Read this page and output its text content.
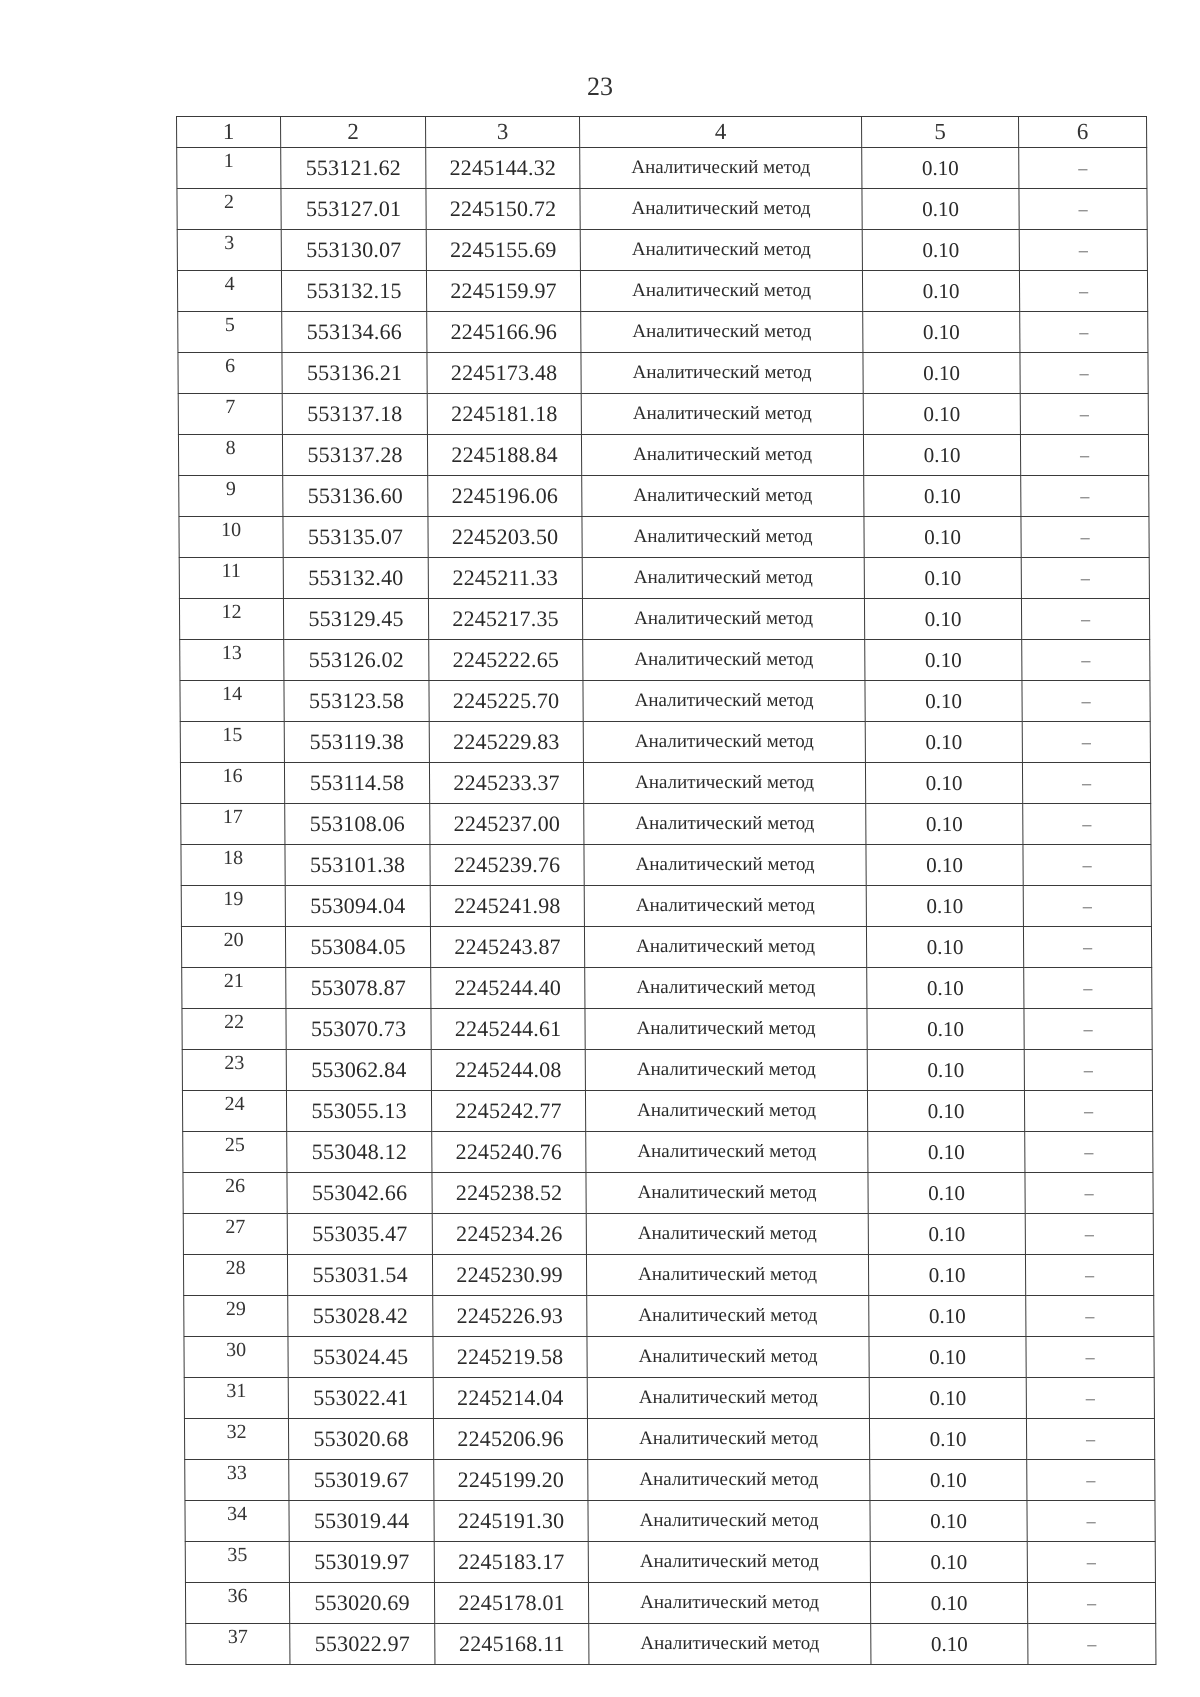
23
1	2	3	4	5	6
1	553121.62	2245144.32	Аналитический метод	0.10	–
2	553127.01	2245150.72	Аналитический метод	0.10	–
3	553130.07	2245155.69	Аналитический метод	0.10	–
4	553132.15	2245159.97	Аналитический метод	0.10	–
5	553134.66	2245166.96	Аналитический метод	0.10	–
6	553136.21	2245173.48	Аналитический метод	0.10	–
7	553137.18	2245181.18	Аналитический метод	0.10	–
8	553137.28	2245188.84	Аналитический метод	0.10	–
9	553136.60	2245196.06	Аналитический метод	0.10	–
10	553135.07	2245203.50	Аналитический метод	0.10	–
11	553132.40	2245211.33	Аналитический метод	0.10	–
12	553129.45	2245217.35	Аналитический метод	0.10	–
13	553126.02	2245222.65	Аналитический метод	0.10	–
14	553123.58	2245225.70	Аналитический метод	0.10	–
15	553119.38	2245229.83	Аналитический метод	0.10	–
16	553114.58	2245233.37	Аналитический метод	0.10	–
17	553108.06	2245237.00	Аналитический метод	0.10	–
18	553101.38	2245239.76	Аналитический метод	0.10	–
19	553094.04	2245241.98	Аналитический метод	0.10	–
20	553084.05	2245243.87	Аналитический метод	0.10	–
21	553078.87	2245244.40	Аналитический метод	0.10	–
22	553070.73	2245244.61	Аналитический метод	0.10	–
23	553062.84	2245244.08	Аналитический метод	0.10	–
24	553055.13	2245242.77	Аналитический метод	0.10	–
25	553048.12	2245240.76	Аналитический метод	0.10	–
26	553042.66	2245238.52	Аналитический метод	0.10	–
27	553035.47	2245234.26	Аналитический метод	0.10	–
28	553031.54	2245230.99	Аналитический метод	0.10	–
29	553028.42	2245226.93	Аналитический метод	0.10	–
30	553024.45	2245219.58	Аналитический метод	0.10	–
31	553022.41	2245214.04	Аналитический метод	0.10	–
32	553020.68	2245206.96	Аналитический метод	0.10	–
33	553019.67	2245199.20	Аналитический метод	0.10	–
34	553019.44	2245191.30	Аналитический метод	0.10	–
35	553019.97	2245183.17	Аналитический метод	0.10	–
36	553020.69	2245178.01	Аналитический метод	0.10	–
37	553022.97	2245168.11	Аналитический метод	0.10	–
